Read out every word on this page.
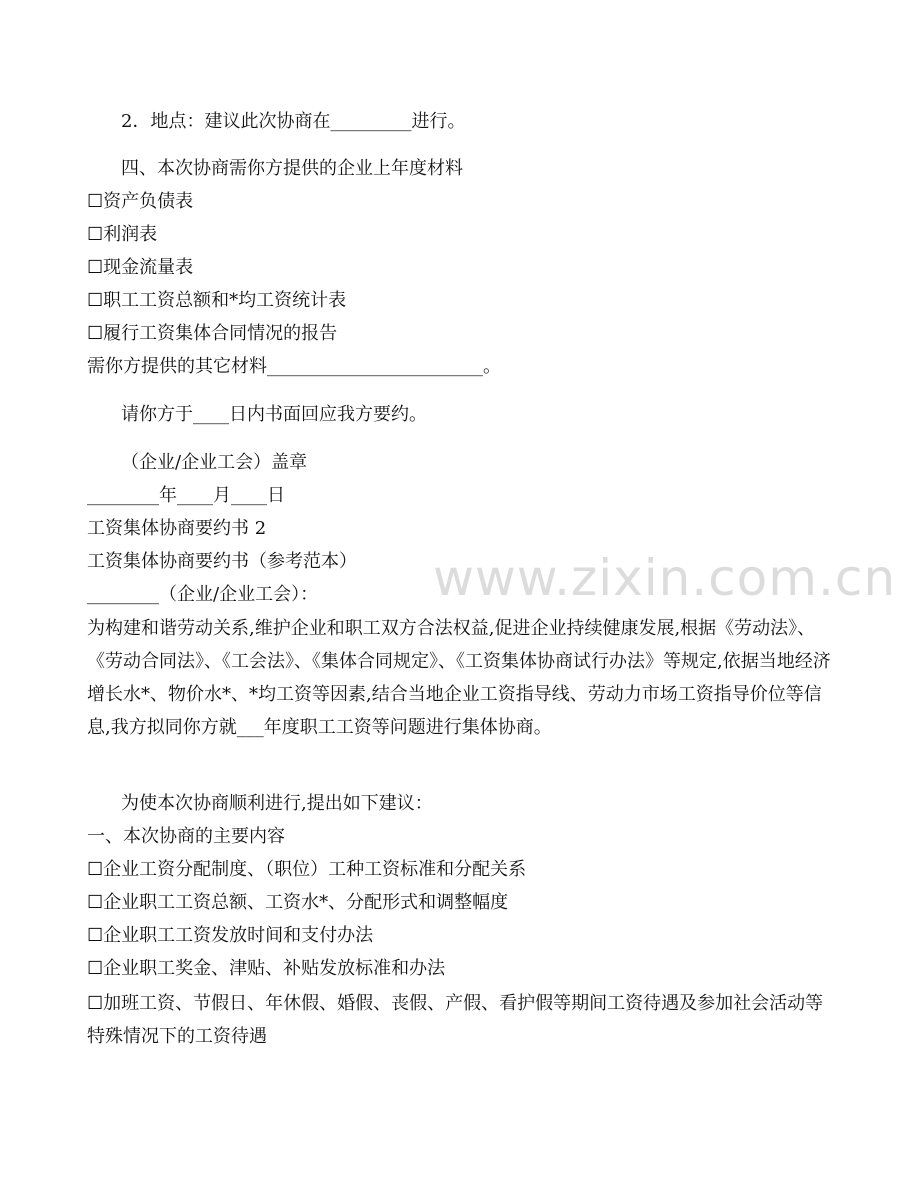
2．地点：建议此次协商在_________进行。
四、本次协商需你方提供的企业上年度材料
☐资产负债表
☐利润表
☐现金流量表
☐职工工资总额和*均工资统计表
☐履行工资集体合同情况的报告
需你方提供的其它材料________________________。
请你方于____日内书面回应我方要约。
（企业/企业工会）盖章
________年____月____日
工资集体协商要约书 2
工资集体协商要约书（参考范本）
________（企业/企业工会）：
为构建和谐劳动关系,维护企业和职工双方合法权益,促进企业持续健康发展,根据《劳动法》、《劳动合同法》、《工会法》、《集体合同规定》、《工资集体协商试行办法》等规定,依据当地经济增长水*、物价水*、*均工资等因素,结合当地企业工资指导线、劳动力市场工资指导价位等信息,我方拟同你方就___年度职工工资等问题进行集体协商。
为使本次协商顺利进行,提出如下建议：
一、本次协商的主要内容
☐企业工资分配制度、（职位）工种工资标准和分配关系
☐企业职工工资总额、工资水*、分配形式和调整幅度
☐企业职工工资发放时间和支付办法
☐企业职工奖金、津贴、补贴发放标准和办法
☐加班工资、节假日、年休假、婚假、丧假、产假、看护假等期间工资待遇及参加社会活动等特殊情况下的工资待遇
www.zixin.com.cn
